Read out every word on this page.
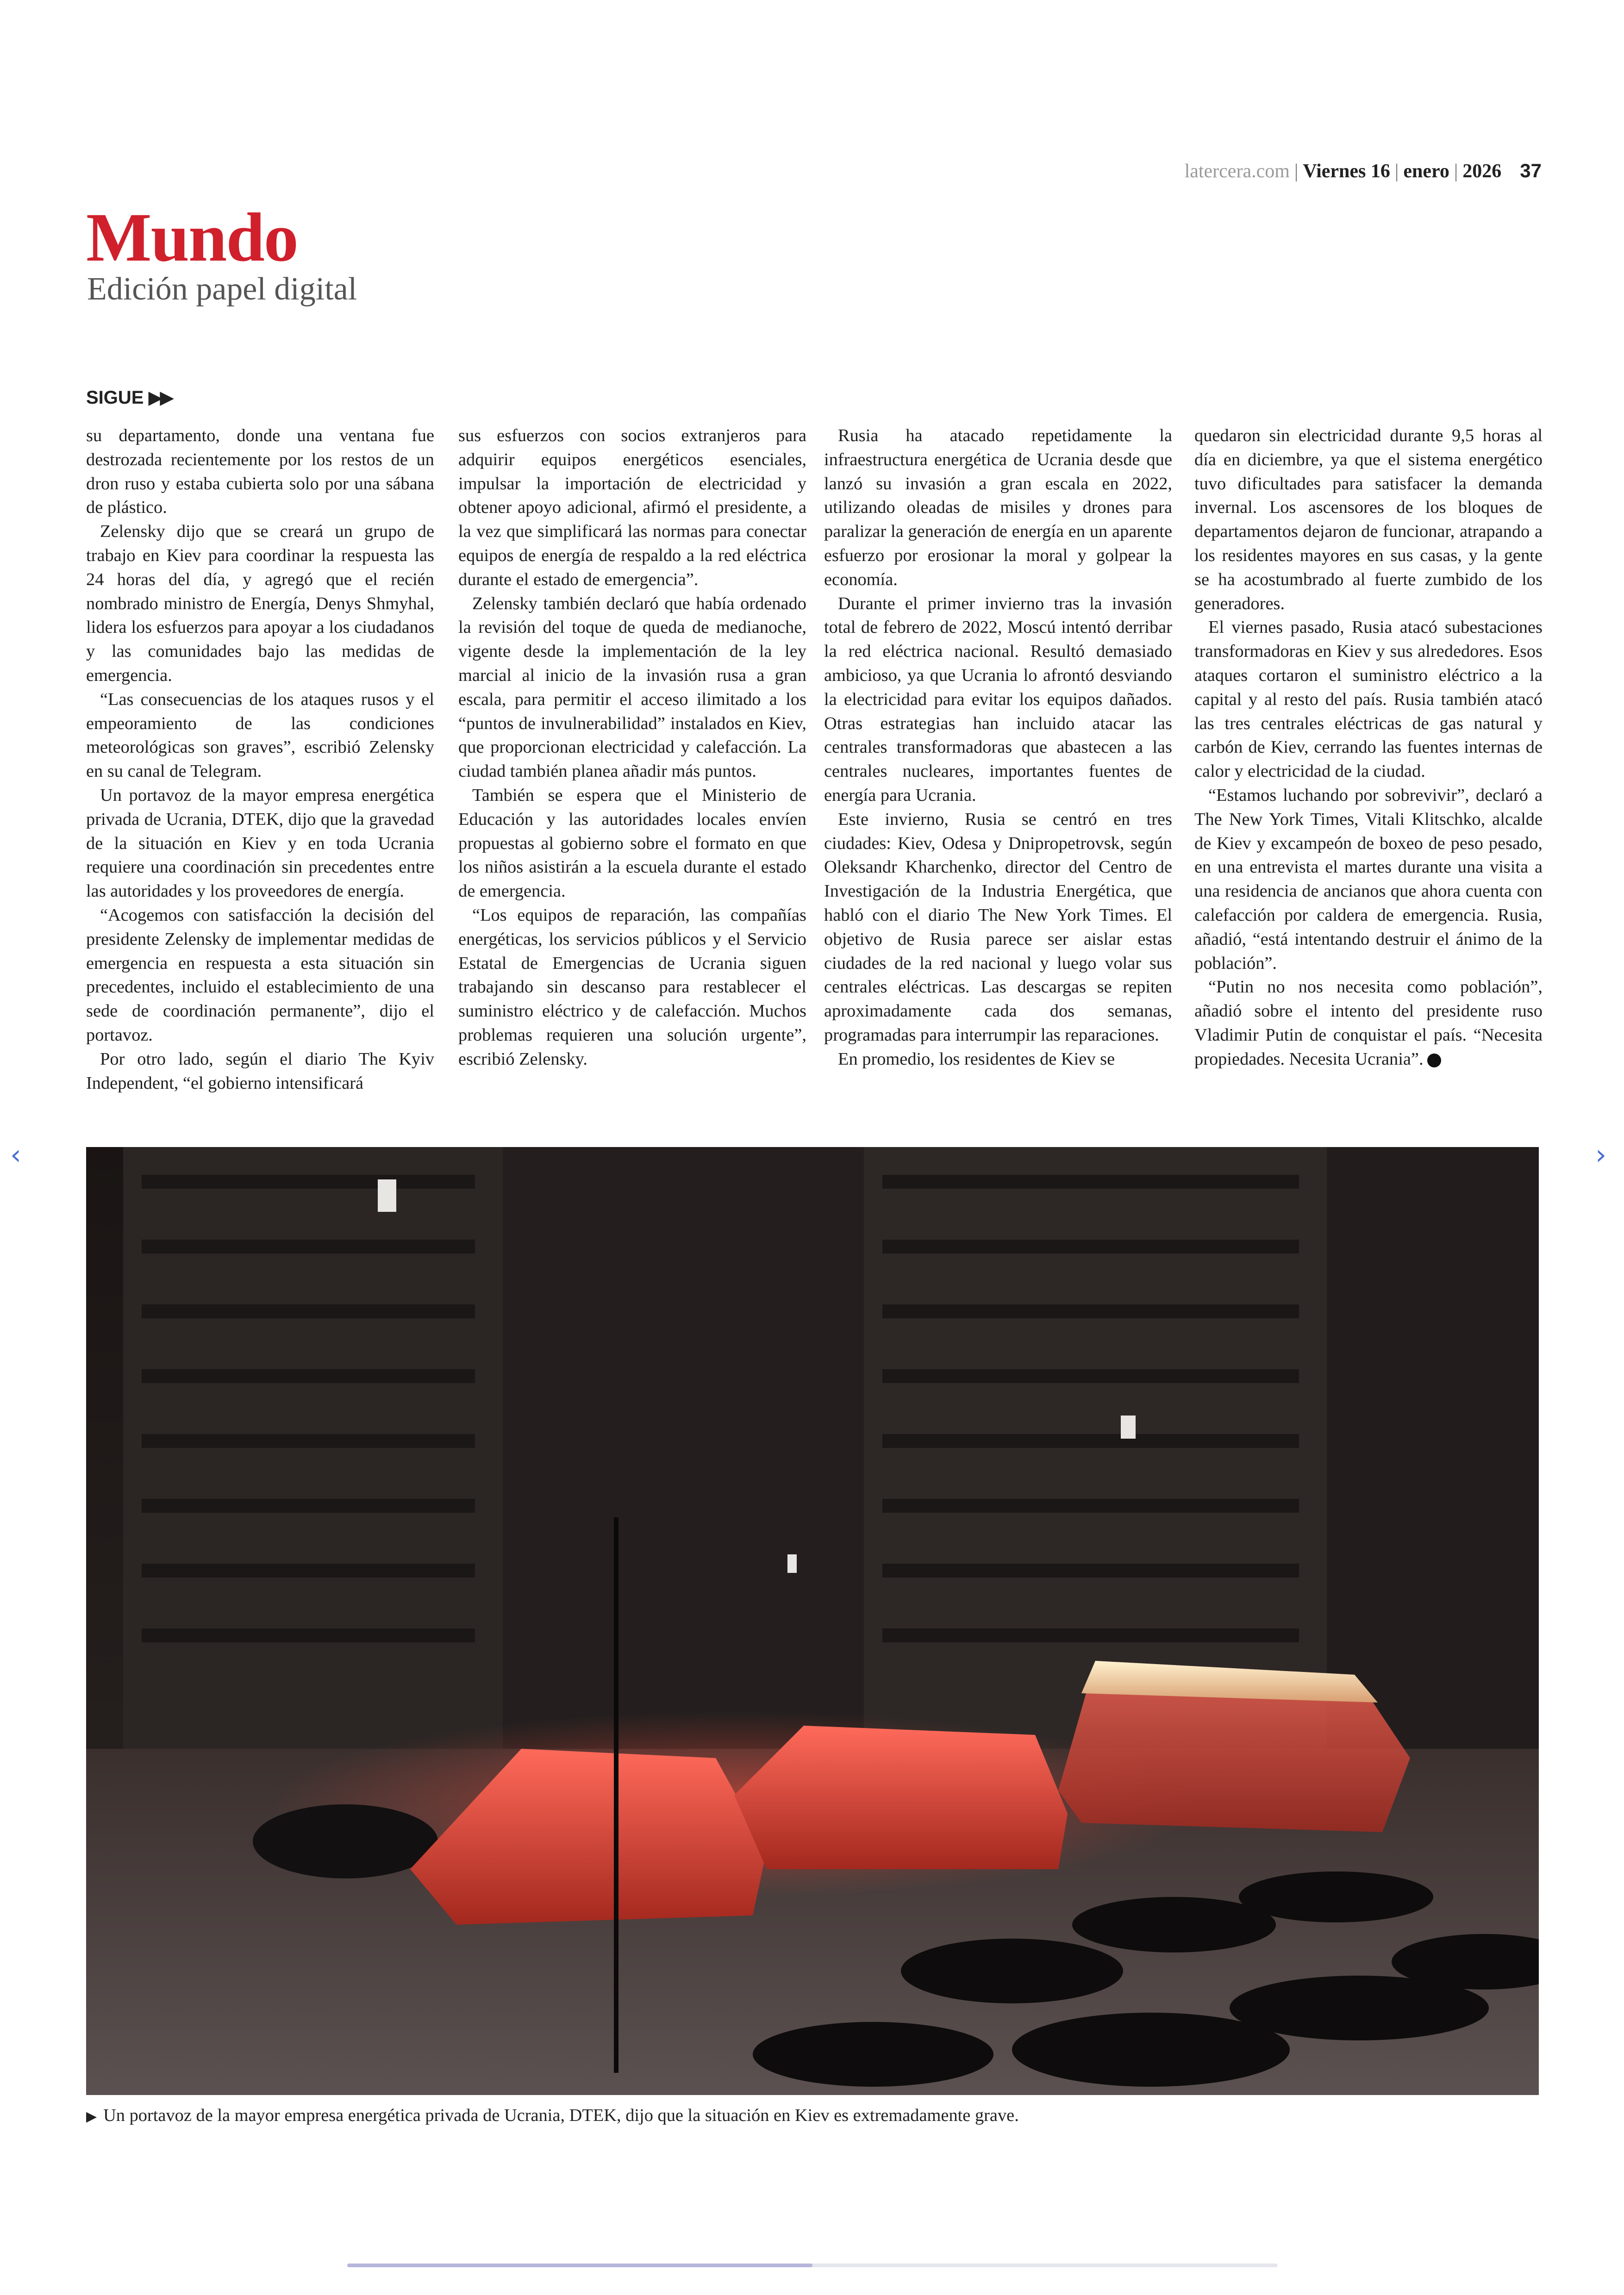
latercera.com | Viernes 16 | enero | 2026 37
Mundo
Edición papel digital
SIGUE ▶▶

su departamento, donde una ventana fue destrozada recientemente por los restos de un dron ruso y estaba cubierta solo por una sábana de plástico.

Zelensky dijo que se creará un grupo de trabajo en Kiev para coordinar la respuesta las 24 horas del día, y agregó que el recién nombrado ministro de Energía, Denys Shmyhal, lidera los esfuerzos para apoyar a los ciudadanos y las comunidades bajo las medidas de emergencia.

“Las consecuencias de los ataques rusos y el empeoramiento de las condiciones meteorológicas son graves”, escribió Zelensky en su canal de Telegram.

Un portavoz de la mayor empresa energética privada de Ucrania, DTEK, dijo que la gravedad de la situación en Kiev y en toda Ucrania requiere una coordinación sin precedentes entre las autoridades y los proveedores de energía.

“Acogemos con satisfacción la decisión del presidente Zelensky de implementar medidas de emergencia en respuesta a esta situación sin precedentes, incluido el establecimiento de una sede de coordinación permanente”, dijo el portavoz.

Por otro lado, según el diario The Kyiv Independent, “el gobierno intensificará

sus esfuerzos con socios extranjeros para adquirir equipos energéticos esenciales, impulsar la importación de electricidad y obtener apoyo adicional, afirmó el presidente, a la vez que simplificará las normas para conectar equipos de energía de respaldo a la red eléctrica durante el estado de emergencia”.

Zelensky también declaró que había ordenado la revisión del toque de queda de medianoche, vigente desde la implementación de la ley marcial al inicio de la invasión rusa a gran escala, para permitir el acceso ilimitado a los “puntos de invulnerabilidad” instalados en Kiev, que proporcionan electricidad y calefacción. La ciudad también planea añadir más puntos.

También se espera que el Ministerio de Educación y las autoridades locales envíen propuestas al gobierno sobre el formato en que los niños asistirán a la escuela durante el estado de emergencia.

“Los equipos de reparación, las compañías energéticas, los servicios públicos y el Servicio Estatal de Emergencias de Ucrania siguen trabajando sin descanso para restablecer el suministro eléctrico y de calefacción. Muchos problemas requieren una solución urgente”, escribió Zelensky.

Rusia ha atacado repetidamente la infraestructura energética de Ucrania desde que lanzó su invasión a gran escala en 2022, utilizando oleadas de misiles y drones para paralizar la generación de energía en un aparente esfuerzo por erosionar la moral y golpear la economía.

Durante el primer invierno tras la invasión total de febrero de 2022, Moscú intentó derribar la red eléctrica nacional. Resultó demasiado ambicioso, ya que Ucrania lo afrontó desviando la electricidad para evitar los equipos dañados. Otras estrategias han incluido atacar las centrales transformadoras que abastecen a las centrales nucleares, importantes fuentes de energía para Ucrania.

Este invierno, Rusia se centró en tres ciudades: Kiev, Odesa y Dnipropetrovsk, según Oleksandr Kharchenko, director del Centro de Investigación de la Industria Energética, que habló con el diario The New York Times. El objetivo de Rusia parece ser aislar estas ciudades de la red nacional y luego volar sus centrales eléctricas. Las descargas se repiten aproximadamente cada dos semanas, programadas para interrumpir las reparaciones.

En promedio, los residentes de Kiev se

quedaron sin electricidad durante 9,5 horas al día en diciembre, ya que el sistema energético tuvo dificultades para satisfacer la demanda invernal. Los ascensores de los bloques de departamentos dejaron de funcionar, atrapando a los residentes mayores en sus casas, y la gente se ha acostumbrado al fuerte zumbido de los generadores.

El viernes pasado, Rusia atacó subestaciones transformadoras en Kiev y sus alrededores. Esos ataques cortaron el suministro eléctrico a la capital y al resto del país. Rusia también atacó las tres centrales eléctricas de gas natural y carbón de Kiev, cerrando las fuentes internas de calor y electricidad de la ciudad.

“Estamos luchando por sobrevivir”, declaró a The New York Times, Vitali Klitschko, alcalde de Kiev y excampeón de boxeo de peso pesado, en una entrevista el martes durante una visita a una residencia de ancianos que ahora cuenta con calefacción por caldera de emergencia. Rusia, añadió, “está intentando destruir el ánimo de la población”.

“Putin no nos necesita como población”, añadió sobre el intento del presidente ruso Vladimir Putin de conquistar el país. “Necesita propiedades. Necesita Ucrania”.

‹	›
▶ Un portavoz de la mayor empresa energética privada de Ucrania, DTEK, dijo que la situación en Kiev es extremadamente grave.
